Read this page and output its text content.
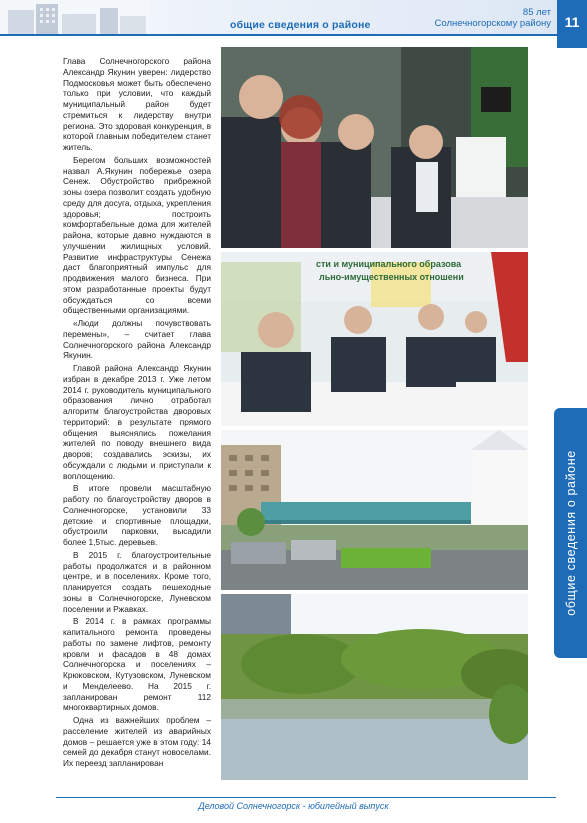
общие сведения о районе
85 лет
Солнечногорскому району 11
общие сведения о районе

Глава Солнечногорского района Александр Якунин уверен: лидерство Подмосковья может быть обеспечено только при условии, что каждый муниципальный район будет стремиться к лидерству внутри региона. Это здоровая конкуренция, в которой главным победителем станет житель.

Берегом больших возможностей назвал А.Якунин побережье озера Сенеж. Обустройство прибрежной зоны озера позволит создать удобную среду для досуга, отдыха, укрепления здоровья; построить комфортабельные дома для жителей района, которые давно нуждаются в улучшении жилищных условий. Развитие инфраструктуры Сенежа даст благоприятный импульс для продвижения малого бизнеса. При этом разработанные проекты будут обсуждаться со всеми общественными организациями.

«Люди должны почувствовать перемены», – считает глава Солнечногорского района Александр Якунин.

Главой района Александр Якунин избран в декабре 2013 г. Уже летом 2014 г. руководитель муниципального образования лично отработал алгоритм благоустройства дворовых территорий: в результате прямого общения выяснялись пожелания жителей по поводу внешнего вида дворов; создавались эскизы, их обсуждали с людьми и приступали к воплощению.

В итоге провели масштабную работу по благоустройству дворов в Солнечногорске, установили 33 детские и спортивные площадки, обустроили парковки, высадили более 1,5тыс. деревьев.

В 2015 г. благоустроительные работы продолжатся и в районном центре, и в поселениях. Кроме того, планируется создать пешеходные зоны в Солнечногорске, Луневском поселении и Ржавках.

В 2014 г. в рамках программы капитального ремонта проведены работы по замене лифтов, ремонту кровли и фасадов в 48 домах Солнечногорска и поселениях – Крюковском, Кутузовском, Луневском и Менделеево. На 2015 г. запланирован ремонт 112 многоквартирных домов.

Одна из важнейших проблем – расселение жителей из аварийных домов – решается уже в этом году: 14 семей до декабря станут новоселами. Их переезд запланирован

сти и муниципального образова
льно-имущественных отношени
Деловой Солнечногорск - юбилейный выпуск
